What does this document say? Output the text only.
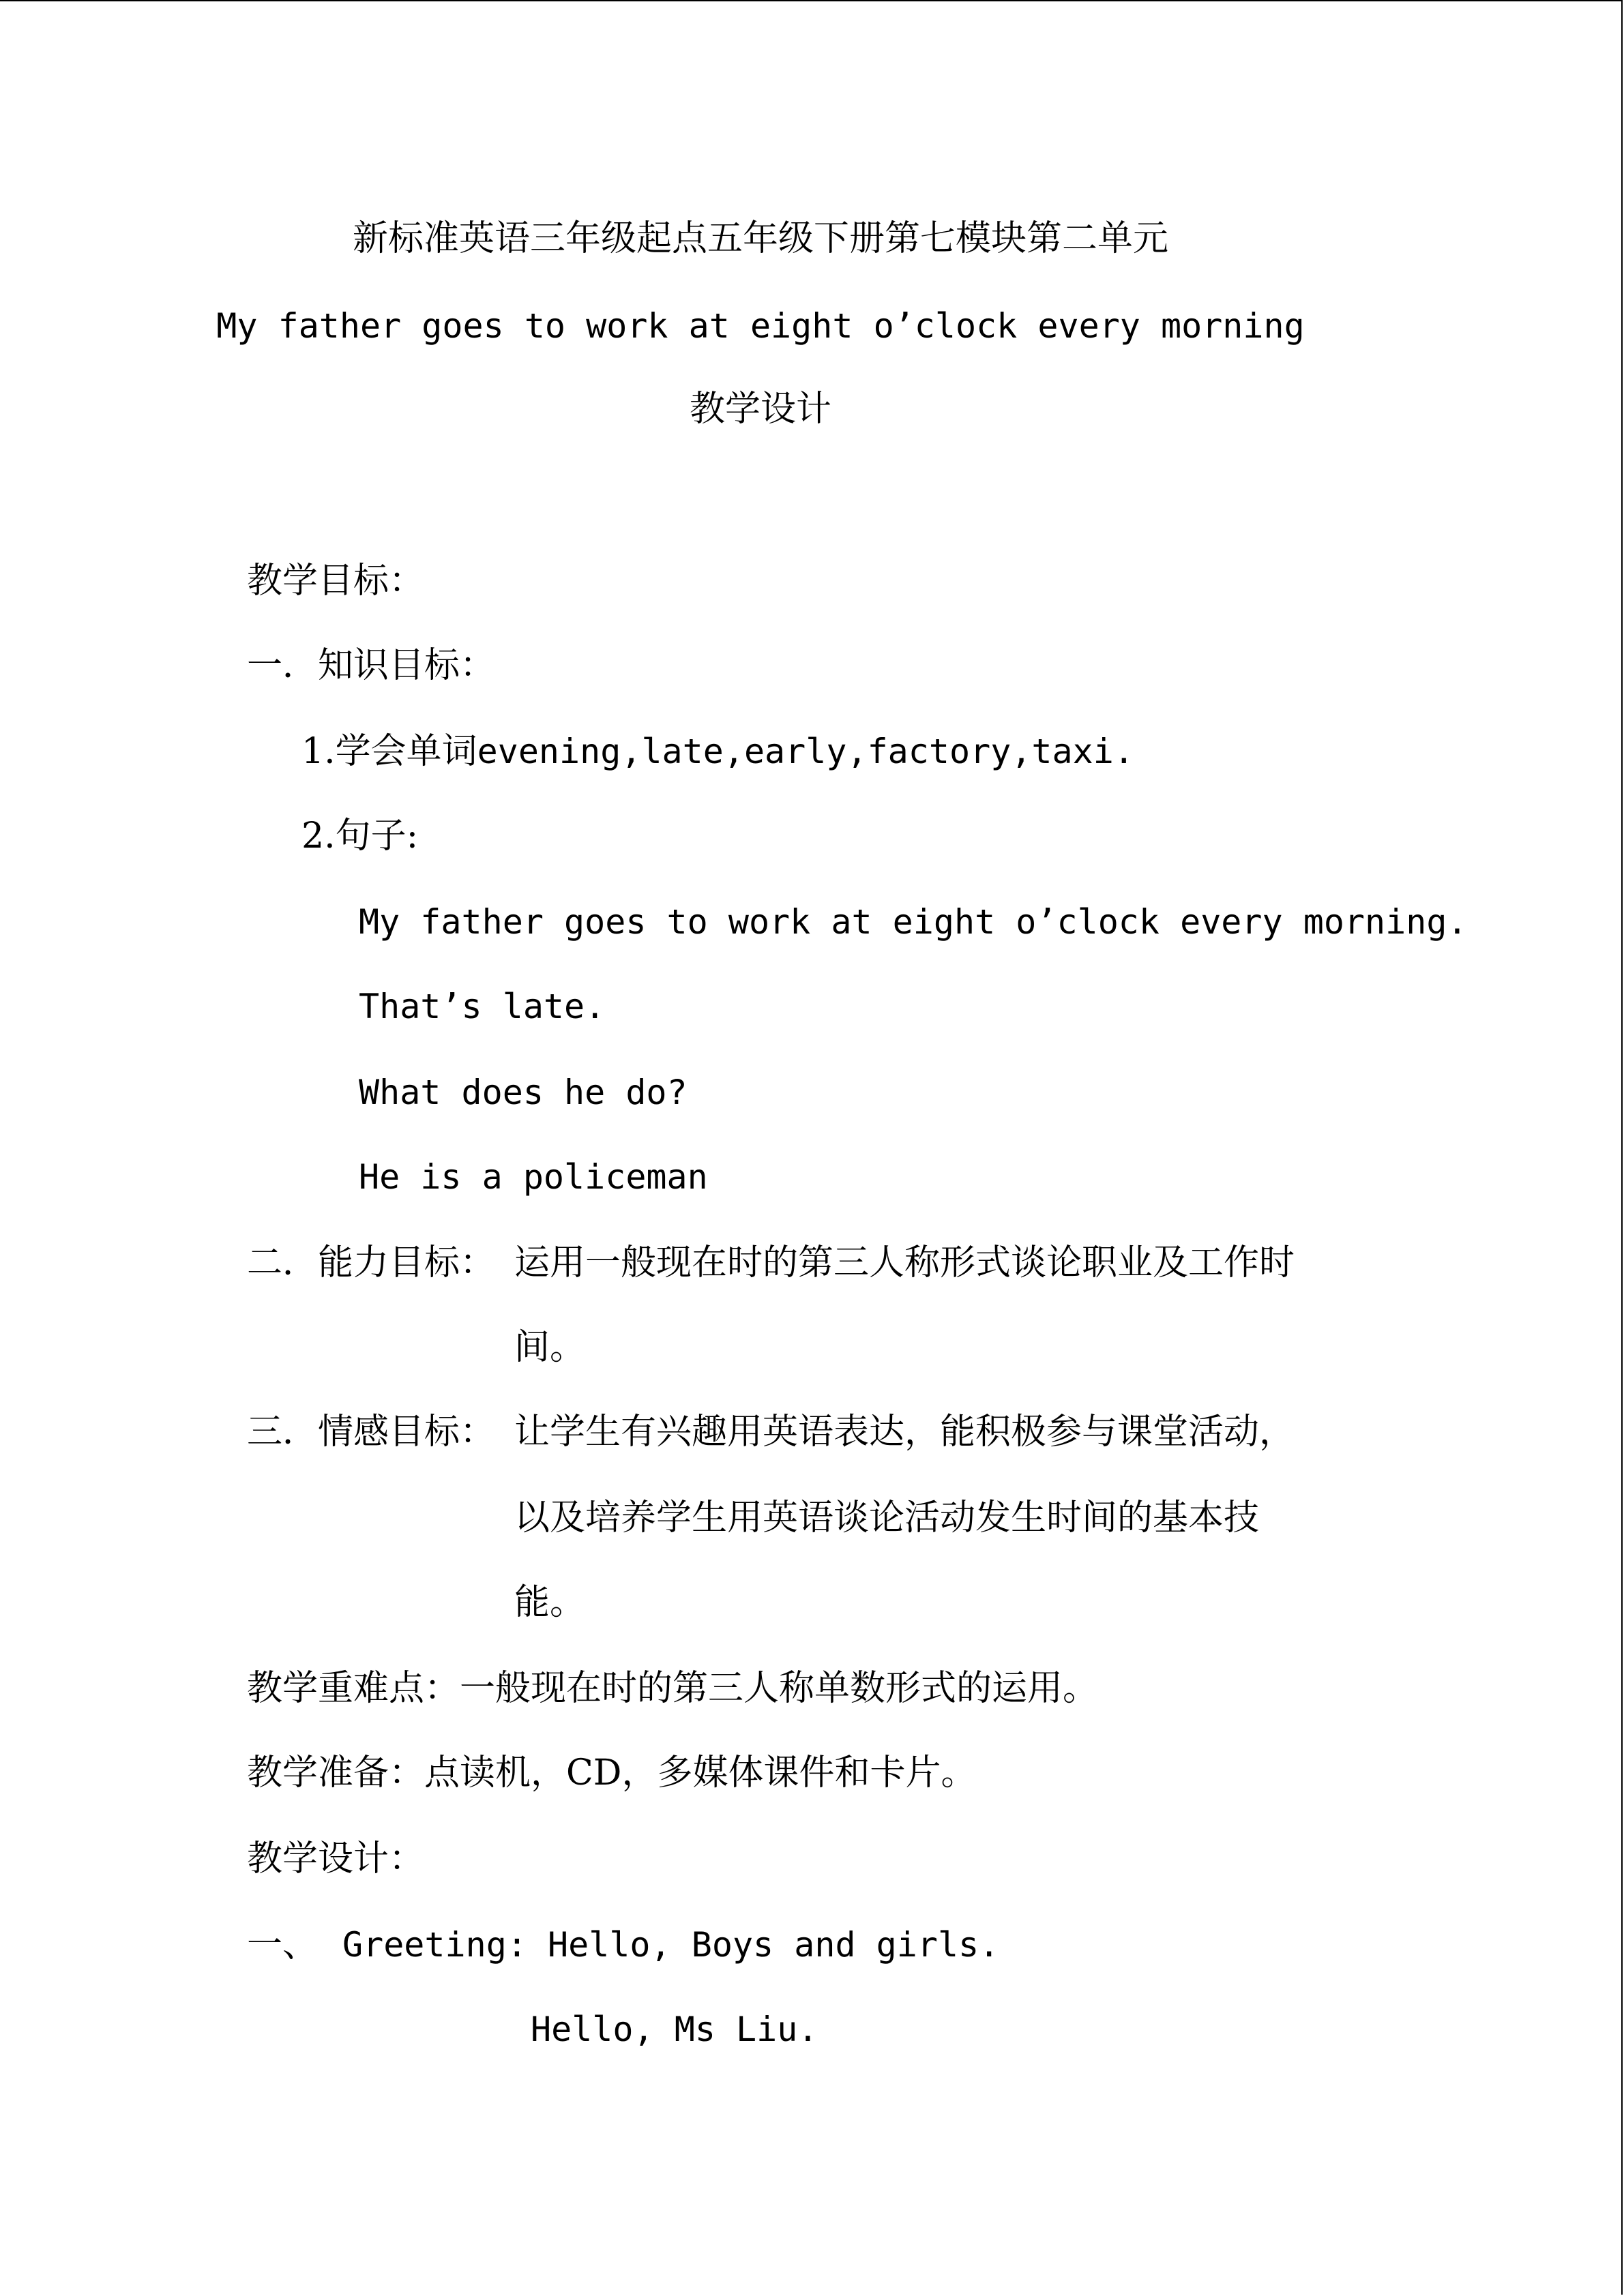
新标准英语三年级起点五年级下册第七模块第二单元
My father goes to work at eight o’clock every morning
教学设计
教学目标：
一．知识目标：
1.学会单词evening,late,early,factory,taxi.
2.句子:
My father goes to work at eight o’clock every morning.
That’s late.
What does he do?
He is a policeman
二．能力目标： 运用一般现在时的第三人称形式谈论职业及工作时
间。
三．情感目标： 让学生有兴趣用英语表达，能积极参与课堂活动，
以及培养学生用英语谈论活动发生时间的基本技
能。
教学重难点：一般现在时的第三人称单数形式的运用。
教学准备：点读机，CD，多媒体课件和卡片。
教学设计：
一、 Greeting: Hello, Boys and girls.
Hello, Ms Liu.
